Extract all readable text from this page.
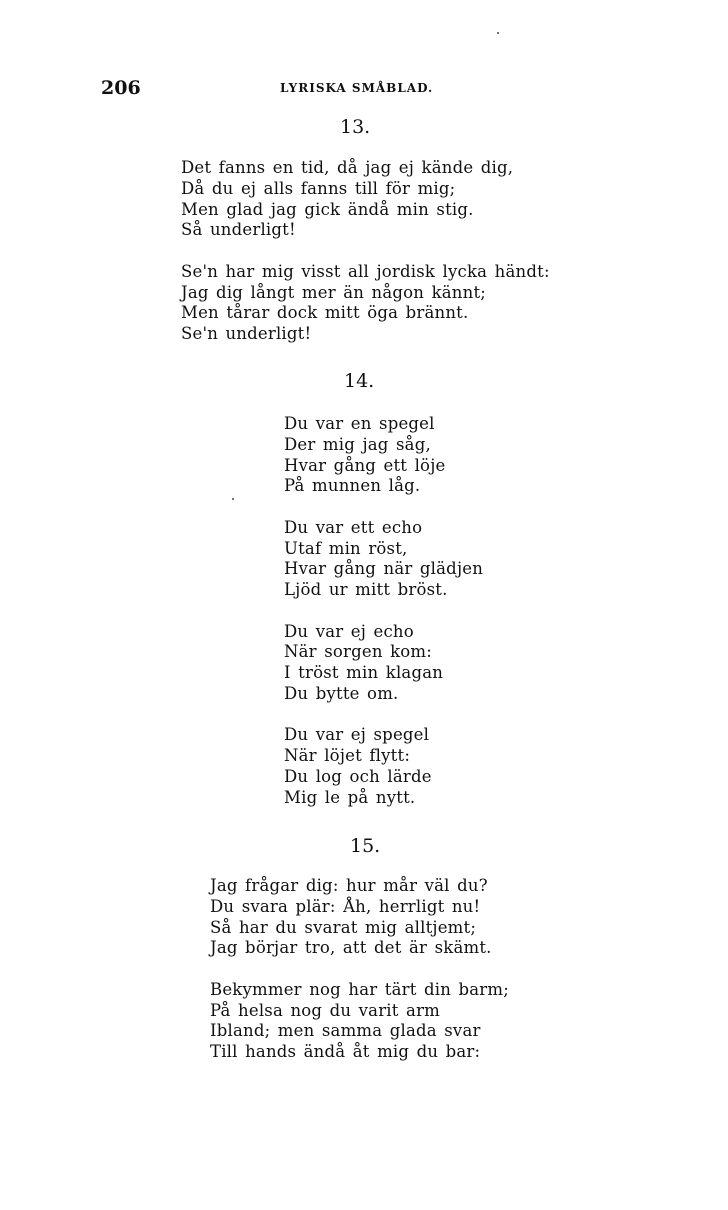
206	LYRISKA SMÅBLAD.
13.
Det fanns en tid, då jag ej kände dig,
Då du ej alls fanns till för mig;
Men glad jag gick ändå min stig.
Så underligt!
Se'n har mig visst all jordisk lycka händt:
Jag dig långt mer än någon kännt;
Men tårar dock mitt öga brännt.
Se'n underligt!
14.
Du var en spegel
Der mig jag såg,
Hvar gång ett löje
På munnen låg.
Du var ett echo
Utaf min röst,
Hvar gång när glädjen
Ljöd ur mitt bröst.
Du var ej echo
När sorgen kom:
I tröst min klagan
Du bytte om.
Du var ej spegel
När löjet flytt:
Du log och lärde
Mig le på nytt.
15.
Jag frågar dig: hur mår väl du?
Du svara plär: Åh, herrligt nu!
Så har du svarat mig alltjemt;
Jag börjar tro, att det är skämt.
Bekymmer nog har tärt din barm;
På helsa nog du varit arm
Ibland; men samma glada svar
Till hands ändå åt mig du bar:
